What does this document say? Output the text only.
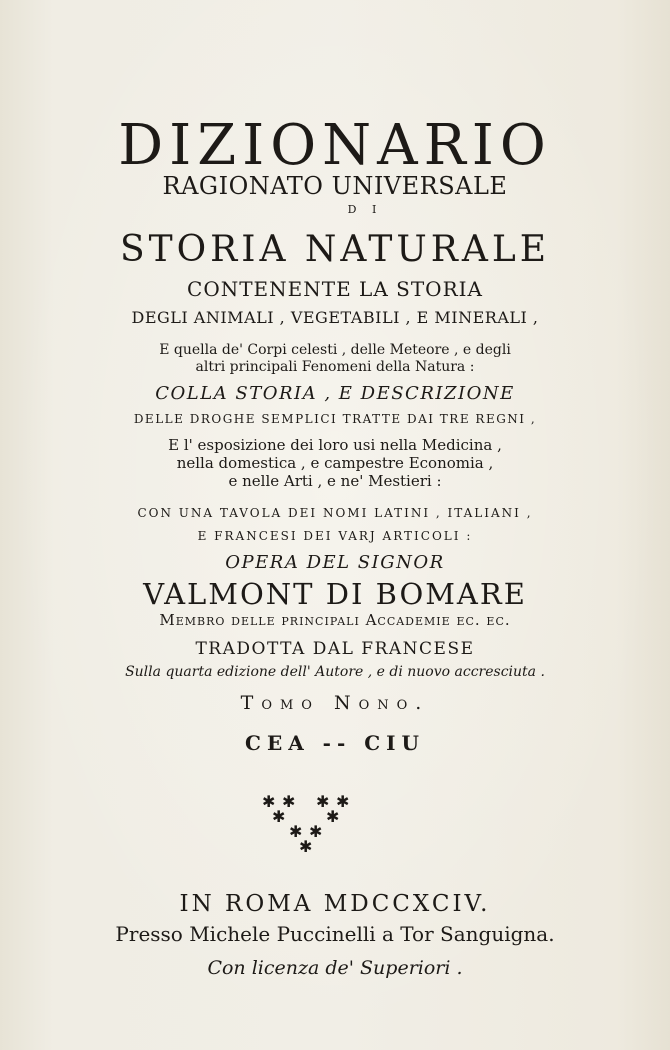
DIZIONARIO
RAGIONATO UNIVERSALE
D I
STORIA NATURALE
CONTENENTE LA STORIA
DEGLI ANIMALI , VEGETABILI , E MINERALI ,
E quella de' Corpi celesti , delle Meteore , e degli
altri principali Fenomeni della Natura :
COLLA STORIA , E DESCRIZIONE
DELLE DROGHE SEMPLICI TRATTE DAI TRE REGNI ,
E l' esposizione dei loro usi nella Medicina ,
nella domestica , e campestre Economia ,
e nelle Arti , e ne' Mestieri :
CON UNA TAVOLA DEI NOMI LATINI , ITALIANI ,
E FRANCESI DEI VARJ ARTICOLI :
OPERA DEL SIGNOR
VALMONT DI BOMARE
Membro delle principali Accademie ec. ec.
TRADOTTA DAL FRANCESE
Sulla quarta edizione dell' Autore , e di nuovo accresciuta .
Tomo Nono.
CEA -- CIU
✱ ✱ ✱ ✱
✱	✱
✱ ✱
✱
IN ROMA MDCCXCIV.
Presso Michele Puccinelli a Tor Sanguigna.
Con licenza de' Superiori .
